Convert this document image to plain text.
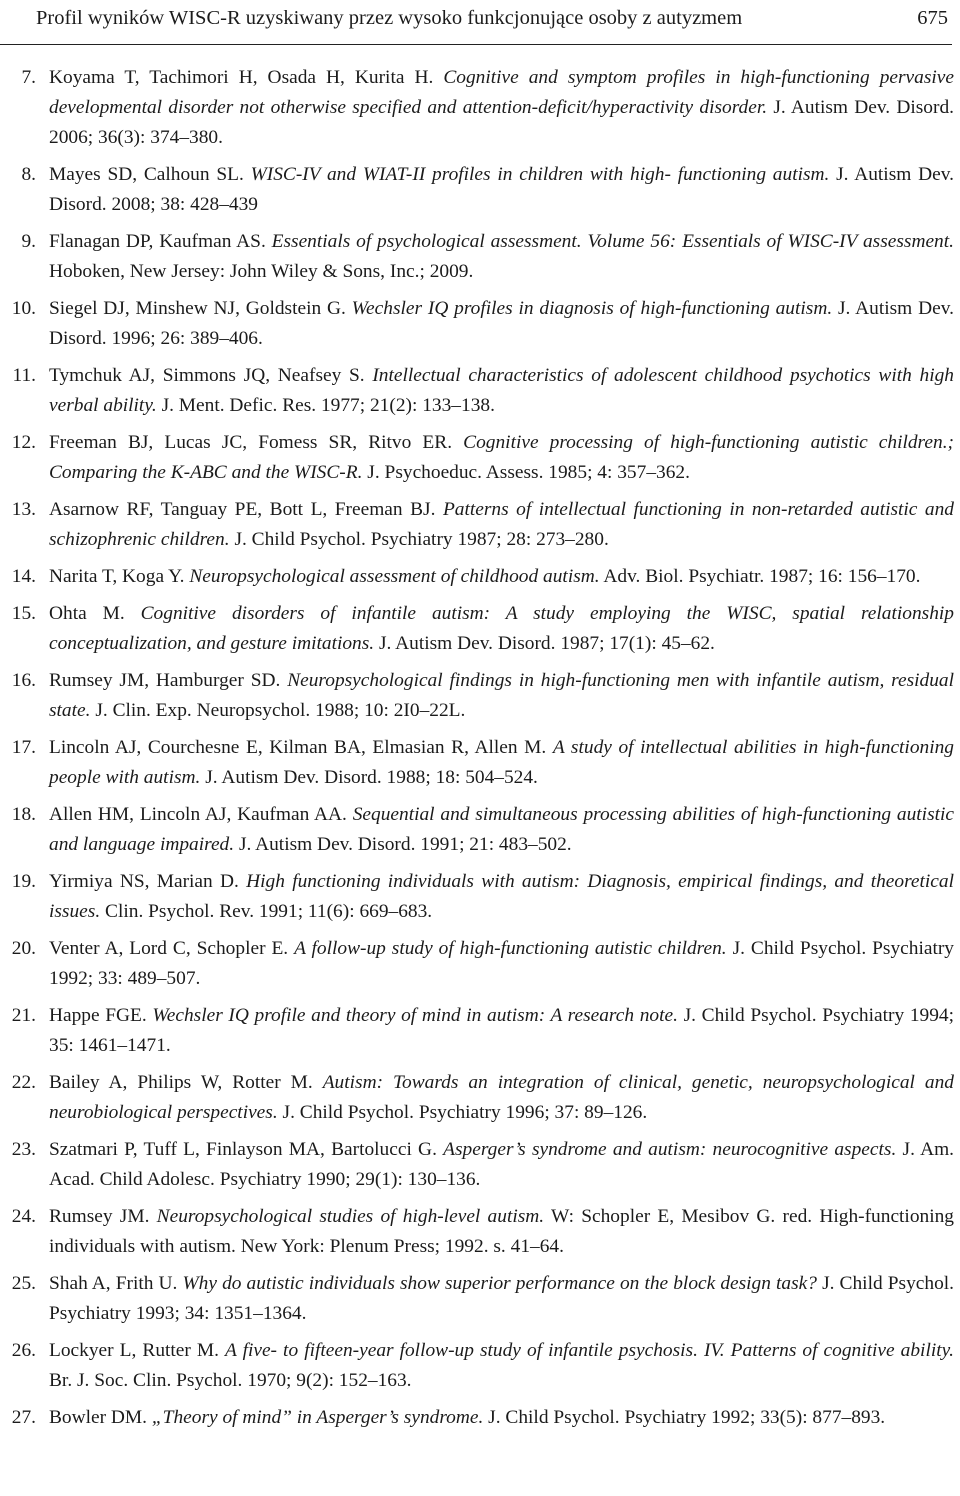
Profil wyników WISC-R uzyskiwany przez wysoko funkcjonujące osoby z autyzmem	675
7. Koyama T, Tachimori H, Osada H, Kurita H. Cognitive and symptom profiles in high-functioning pervasive developmental disorder not otherwise specified and attention-deficit/hyperactivity disorder. J. Autism Dev. Disord. 2006; 36(3): 374–380.
8. Mayes SD, Calhoun SL. WISC-IV and WIAT-II profiles in children with high- functioning autism. J. Autism Dev. Disord. 2008; 38: 428–439
9. Flanagan DP, Kaufman AS. Essentials of psychological assessment. Volume 56: Essentials of WISC-IV assessment. Hoboken, New Jersey: John Wiley & Sons, Inc.; 2009.
10. Siegel DJ, Minshew NJ, Goldstein G. Wechsler IQ profiles in diagnosis of high-functioning autism. J. Autism Dev. Disord. 1996; 26: 389–406.
11. Tymchuk AJ, Simmons JQ, Neafsey S. Intellectual characteristics of adolescent childhood psychotics with high verbal ability. J. Ment. Defic. Res. 1977; 21(2): 133–138.
12. Freeman BJ, Lucas JC, Fomess SR, Ritvo ER. Cognitive processing of high-functioning autistic children.; Comparing the K-ABC and the WISC-R. J. Psychoeduc. Assess. 1985; 4: 357–362.
13. Asarnow RF, Tanguay PE, Bott L, Freeman BJ. Patterns of intellectual functioning in non-retarded autistic and schizophrenic children. J. Child Psychol. Psychiatry 1987; 28: 273–280.
14. Narita T, Koga Y. Neuropsychological assessment of childhood autism. Adv. Biol. Psychiatr. 1987; 16: 156–170.
15. Ohta M. Cognitive disorders of infantile autism: A study employing the WISC, spatial relationship conceptualization, and gesture imitations. J. Autism Dev. Disord. 1987; 17(1): 45–62.
16. Rumsey JM, Hamburger SD. Neuropsychological findings in high-functioning men with infantile autism, residual state. J. Clin. Exp. Neuropsychol. 1988; 10: 2I0–22L.
17. Lincoln AJ, Courchesne E, Kilman BA, Elmasian R, Allen M. A study of intellectual abilities in high-functioning people with autism. J. Autism Dev. Disord. 1988; 18: 504–524.
18. Allen HM, Lincoln AJ, Kaufman AA. Sequential and simultaneous processing abilities of high-functioning autistic and language impaired. J. Autism Dev. Disord. 1991; 21: 483–502.
19. Yirmiya NS, Marian D. High functioning individuals with autism: Diagnosis, empirical findings, and theoretical issues. Clin. Psychol. Rev. 1991; 11(6): 669–683.
20. Venter A, Lord C, Schopler E. A follow-up study of high-functioning autistic children. J. Child Psychol. Psychiatry 1992; 33: 489–507.
21. Happe FGE. Wechsler IQ profile and theory of mind in autism: A research note. J. Child Psychol. Psychiatry 1994; 35: 1461–1471.
22. Bailey A, Philips W, Rotter M. Autism: Towards an integration of clinical, genetic, neuropsychological and neurobiological perspectives. J. Child Psychol. Psychiatry 1996; 37: 89–126.
23. Szatmari P, Tuff L, Finlayson MA, Bartolucci G. Asperger’s syndrome and autism: neurocognitive aspects. J. Am. Acad. Child Adolesc. Psychiatry 1990; 29(1): 130–136.
24. Rumsey JM. Neuropsychological studies of high-level autism. W: Schopler E, Mesibov G. red. High-functioning individuals with autism. New York: Plenum Press; 1992. s. 41–64.
25. Shah A, Frith U. Why do autistic individuals show superior performance on the block design task? J. Child Psychol. Psychiatry 1993; 34: 1351–1364.
26. Lockyer L, Rutter M. A five- to fifteen-year follow-up study of infantile psychosis. IV. Patterns of cognitive ability. Br. J. Soc. Clin. Psychol. 1970; 9(2): 152–163.
27. Bowler DM. „Theory of mind” in Asperger’s syndrome. J. Child Psychol. Psychiatry 1992; 33(5): 877–893.
